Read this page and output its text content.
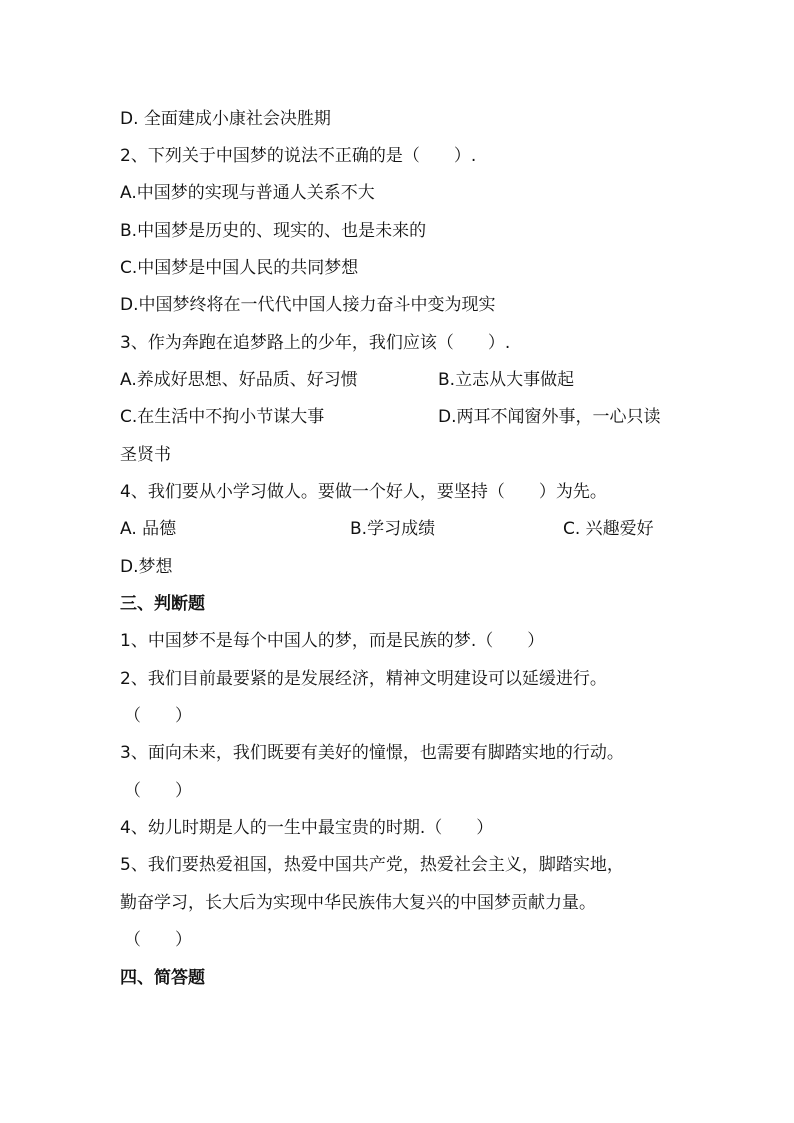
D. 全面建成小康社会决胜期
2、下列关于中国梦的说法不正确的是（　　）.
A.中国梦的实现与普通人关系不大
B.中国梦是历史的、现实的、也是未来的
C.中国梦是中国人民的共同梦想
D.中国梦终将在一代代中国人接力奋斗中变为现实
3、作为奔跑在追梦路上的少年，我们应该（　　）.
A.养成好思想、好品质、好习惯	B.立志从大事做起
C.在生活中不拘小节谋大事	D.两耳不闻窗外事，一心只读
圣贤书
4、我们要从小学习做人。要做一个好人，要坚持（　　）为先。
A. 品德	B.学习成绩	C. 兴趣爱好
D.梦想
三、判断题
1、中国梦不是每个中国人的梦，而是民族的梦.（　　）
2、我们目前最要紧的是发展经济，精神文明建设可以延缓进行。
（　　）
3、面向未来，我们既要有美好的憧憬，也需要有脚踏实地的行动。
（　　）
4、幼儿时期是人的一生中最宝贵的时期.（　　）
5、我们要热爱祖国，热爱中国共产党，热爱社会主义，脚踏实地，
勤奋学习，长大后为实现中华民族伟大复兴的中国梦贡献力量。
（　　）
四、简答题
